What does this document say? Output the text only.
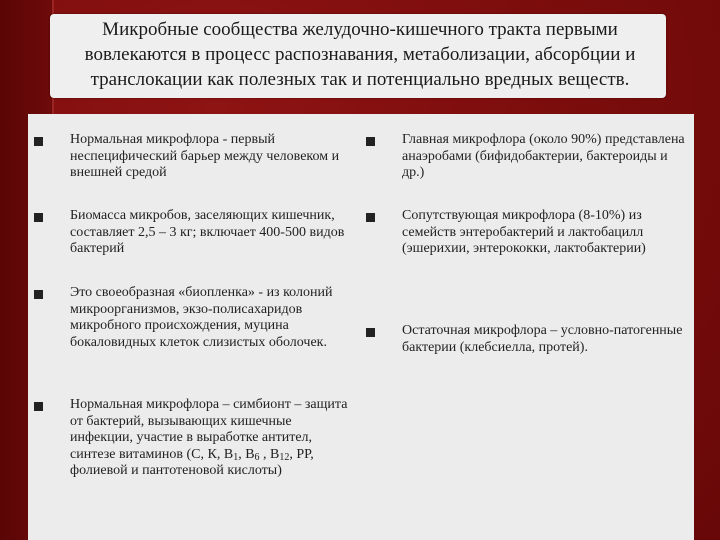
Микробные сообщества желудочно-кишечного тракта первыми вовлекаются в процесс распознавания, метаболизации, абсорбции и транслокации как полезных так и потенциально вредных веществ.
Нормальная микрофлора - первый неспецифический барьер между человеком и внешней средой
Биомасса микробов, заселяющих кишечник, составляет 2,5 – 3 кг; включает 400-500 видов бактерий
Это своеобразная «биопленка» - из колоний микроорганизмов, экзо-полисахаридов микробного происхождения, муцина бокаловидных клеток слизистых оболочек.
Нормальная микрофлора – симбионт – защита от бактерий, вызывающих кишечные инфекции, участие в выработке антител, синтезе витаминов (С, К, $В_1$, $В_6$ , $В_{12}$, РР, фолиевой и пантотеновой кислоты)
Главная микрофлора (около 90%) представлена анаэробами (бифидобактерии, бактероиды и др.)
Сопутствующая микрофлора (8-10%) из семейств энтеробактерий и лактобацилл (эшерихии, энтерококки, лактобактерии)
Остаточная микрофлора – условно-патогенные бактерии (клебсиелла, протей).
